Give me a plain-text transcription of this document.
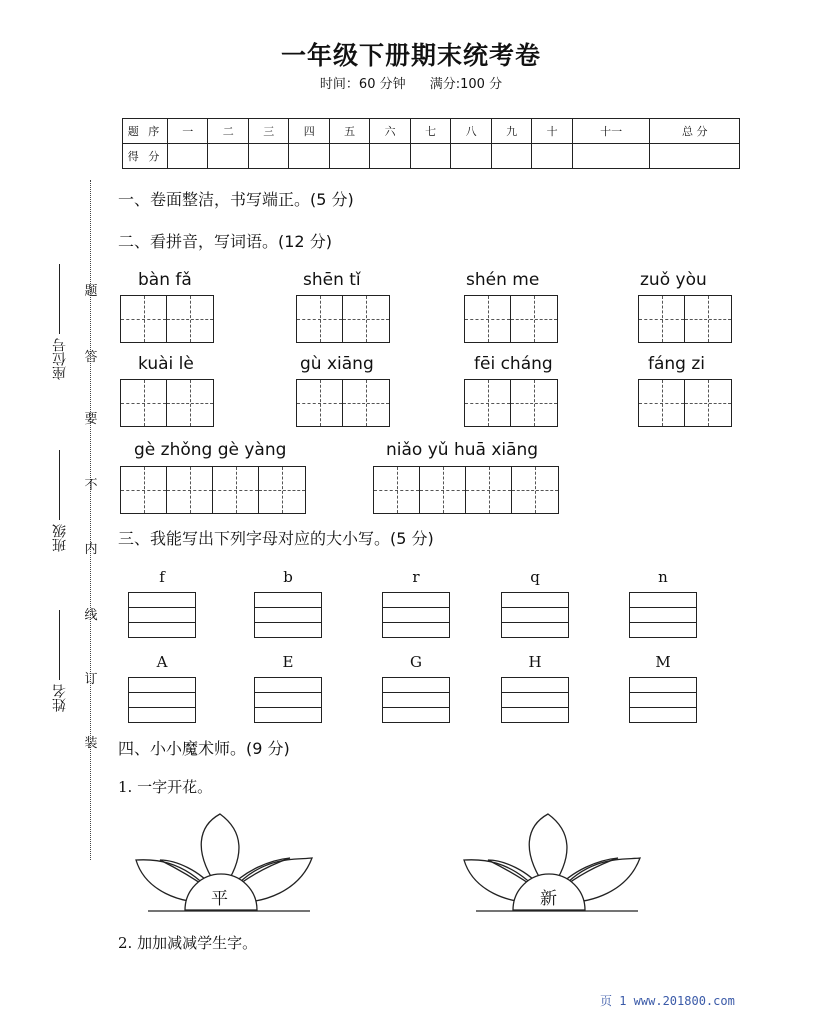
一年级下册期末统考卷
时间：60 分钟 满分:100 分
题 序	一	二	三	四	五	六	七	八	九	十	十一	总 分
得 分												
座位号
班级
姓名
题
答
要
不
内
线
订
装
一、卷面整洁，书写端正。(5 分)
二、看拼音，写词语。(12 分)
bàn fǎ	shēn tǐ	shén me	zuǒ yòu
kuài lè	gù xiāng	fēi cháng	fáng zi
gè zhǒng gè yàng	niǎo yǔ huā xiāng
三、我能写出下列字母对应的大小写。(5 分)
f	b	r	q	n
A	E	G	H	M
四、小小魔术师。(9 分)
1. 一字开花。
平	新
2. 加加减减学生字。
页 1 www.201800.com
